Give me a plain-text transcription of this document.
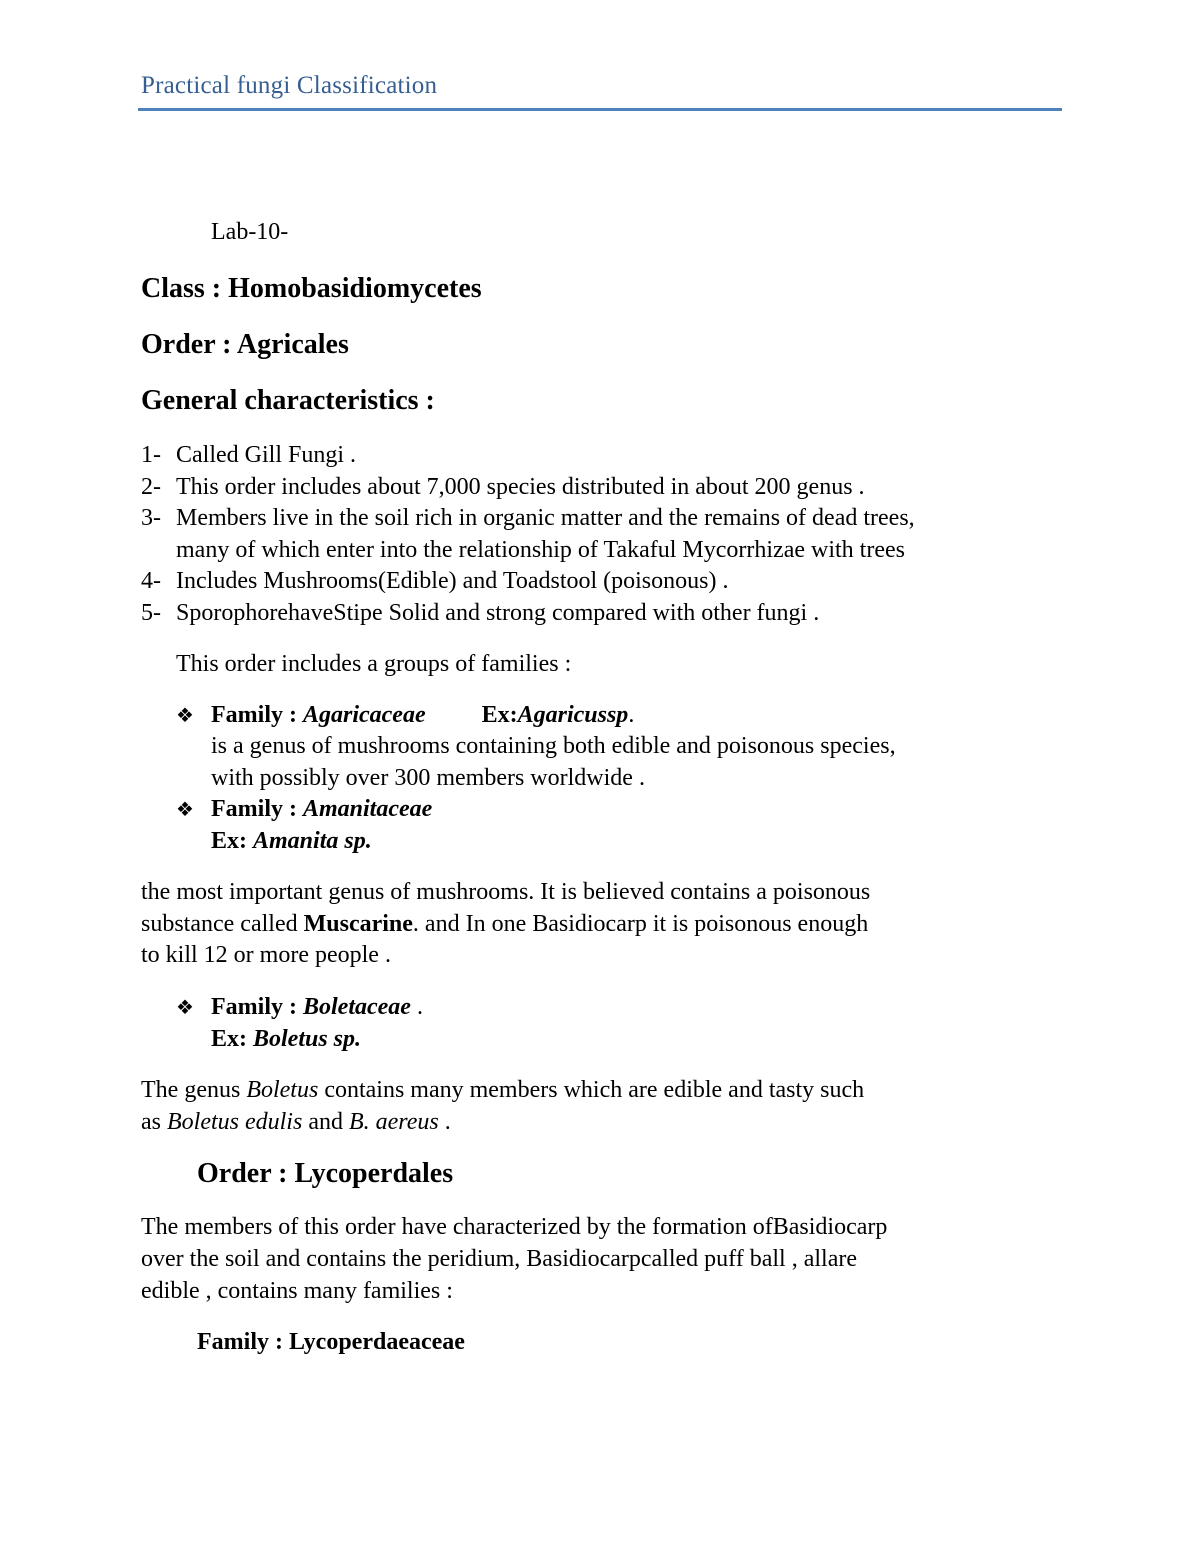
Practical fungi Classification
Lab-10-
Class : Homobasidiomycetes
Order : Agricales
General characteristics :
1- Called Gill Fungi .
2- This order includes about 7,000 species distributed in about 200 genus .
3- Members live in the soil rich in organic matter and the remains of dead trees,
many of which enter into the relationship of Takaful Mycorrhizae with trees
4- Includes Mushrooms(Edible) and Toadstool (poisonous) .
5- SporophorehaveStipe Solid and strong compared with other fungi .
This order includes a groups of families :
❖ Family : Agaricaceae Ex:Agaricussp.
is a genus of mushrooms containing both edible and poisonous species,
with possibly over 300 members worldwide .
❖ Family : Amanitaceae
Ex: Amanita sp.
the most important genus of mushrooms. It is believed contains a poisonous
substance called Muscarine. and In one Basidiocarp it is poisonous enough
to kill 12 or more people .
❖ Family : Boletaceae .
Ex: Boletus sp.
The genus Boletus contains many members which are edible and tasty such
as Boletus edulis and B. aereus .
Order : Lycoperdales
The members of this order have characterized by the formation ofBasidiocarp
over the soil and contains the peridium, Basidiocarpcalled puff ball , allare
edible , contains many families :
Family : Lycoperdaeaceae
